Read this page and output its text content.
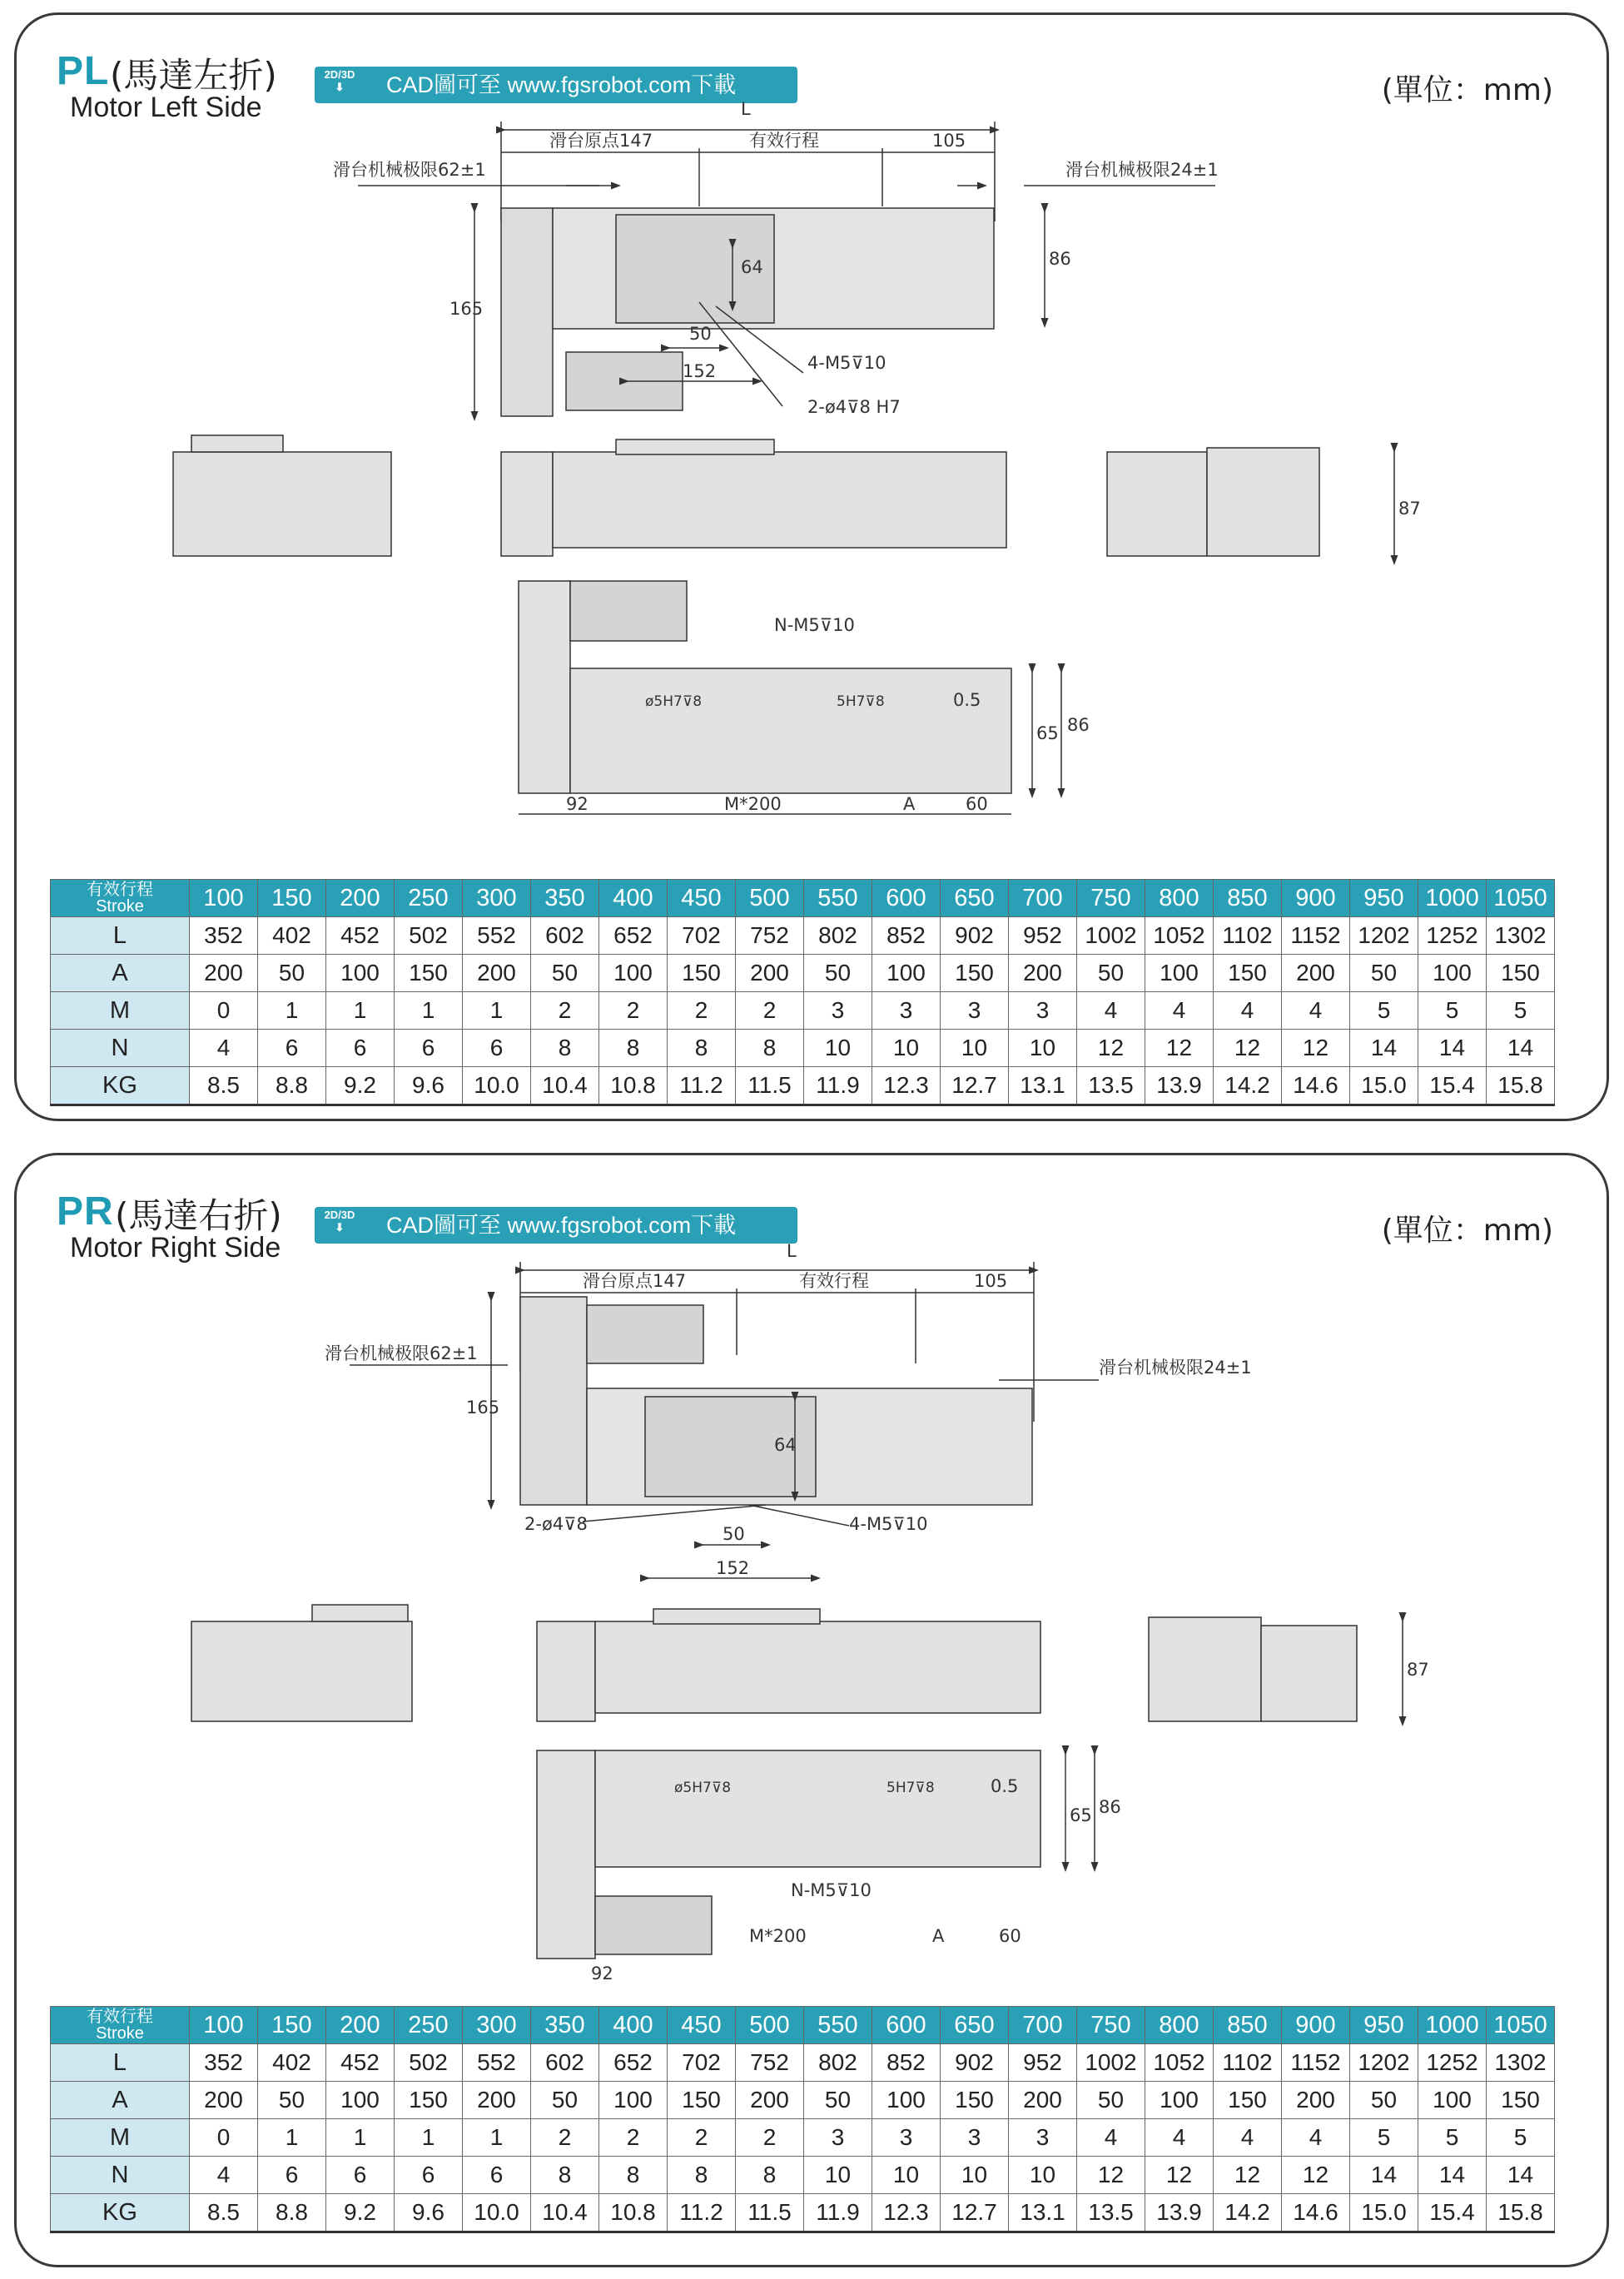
PL (馬達左折)
Motor Left Side
2D/3D
⬇	CAD圖可至 www.fgsrobot.com下載	(單位：mm)
L
滑台原点147	有效行程	105
滑台机械极限62±1	滑台机械极限24±1
165
64	86
50
152	4-M5⊽10
2-ø4⊽8 H7
87
N-M5⊽10
ø5H7⊽8	5H7⊽8	0.5
65 86
92	M*200	A	60
有效行程
Stroke	100	150	200	250	300	350	400	450	500	550	600	650	700	750	800	850	900	950	1000	1050
L	352	402	452	502	552	602	652	702	752	802	852	902	952	1002	1052	1102	1152	1202	1252	1302
A	200	50	100	150	200	50	100	150	200	50	100	150	200	50	100	150	200	50	100	150
M	0	1	1	1	1	2	2	2	2	3	3	3	3	4	4	4	4	5	5	5
N	4	6	6	6	6	8	8	8	8	10	10	10	10	12	12	12	12	14	14	14
KG	8.5	8.8	9.2	9.6	10.0	10.4	10.8	11.2	11.5	11.9	12.3	12.7	13.1	13.5	13.9	14.2	14.6	15.0	15.4	15.8
PR (馬達右折)
Motor Right Side
2D/3D
⬇	CAD圖可至 www.fgsrobot.com下載	(單位：mm)
L
滑台原点147	有效行程	105
滑台机械极限62±1
滑台机械极限24±1
165
64
50
152
4-M5⊽10
2-ø4⊽8
87
ø5H7⊽8	5H7⊽8	0.5
65 86
N-M5⊽10
92
M*200	A	60
有效行程
Stroke	100	150	200	250	300	350	400	450	500	550	600	650	700	750	800	850	900	950	1000	1050
L	352	402	452	502	552	602	652	702	752	802	852	902	952	1002	1052	1102	1152	1202	1252	1302
A	200	50	100	150	200	50	100	150	200	50	100	150	200	50	100	150	200	50	100	150
M	0	1	1	1	1	2	2	2	2	3	3	3	3	4	4	4	4	5	5	5
N	4	6	6	6	6	8	8	8	8	10	10	10	10	12	12	12	12	14	14	14
KG	8.5	8.8	9.2	9.6	10.0	10.4	10.8	11.2	11.5	11.9	12.3	12.7	13.1	13.5	13.9	14.2	14.6	15.0	15.4	15.8
